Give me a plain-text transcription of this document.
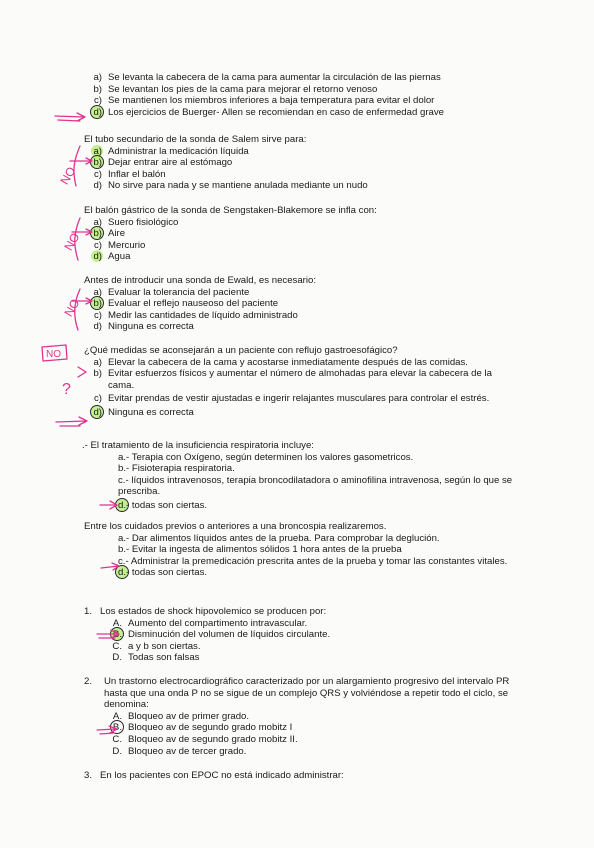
a) Se levanta la cabecera de la cama para aumentar la circulación de las piernas
b) Se levantan los pies de la cama para mejorar el retorno venoso
c) Se mantienen los miembros inferiores a baja temperatura para evitar el dolor
d) Los ejercicios de Buerger- Allen se recomiendan en caso de enfermedad grave

El tubo secundario de la sonda de Salem sirve para:

a) Administrar la medicación líquida
b) Dejar entrar aire al estómago
c) Inflar el balón
d) No sirve para nada y se mantiene anulada mediante un nudo

El balón gástrico de la sonda de Sengstaken-Blakemore se infla con:

a) Suero fisiológico
b) Aire
c) Mercurio
d) Agua

Antes de introducir una sonda de Ewald, es necesario:

a) Evaluar la tolerancia del paciente
b) Evaluar el reflejo nauseoso del paciente
c) Medir las cantidades de líquido administrado
d) Ninguna es correcta

¿Qué medidas se aconsejarán a un paciente con reflujo gastroesofágico?

a) Elevar la cabecera de la cama y acostarse inmediatamente después de las comidas.
b) Evitar esfuerzos físicos y aumentar el número de almohadas para elevar la cabecera de la cama.
c) Evitar prendas de vestir ajustadas e ingerir relajantes musculares para controlar el estrés.
d) Ninguna es correcta

.- El tratamiento de la insuficiencia respiratoria incluye:

a.- Terapia con Oxígeno, según determinen los valores gasometricos.
b.- Fisioterapia respiratoria.
c.- líquidos intravenosos, terapia broncodilatadora o aminofilina intravenosa, según lo que se prescriba.
d.- todas son ciertas.

Entre los cuidados previos o anteriores a una broncospia realizaremos.

a.- Dar alimentos líquidos antes de la prueba. Para comprobar la deglución.
b.- Evitar la ingesta de alimentos sólidos 1 hora antes de la prueba
c.- Administrar la premedicación prescrita antes de la prueba y tomar las constantes vitales.
d.- todas son ciertas.

1. Los estados de shock hipovolemico se producen por:

A. Aumento del compartimento intravascular.
B. Disminución del volumen de líquidos circulante.
C. a y b son ciertas.
D. Todas son falsas
2.	Un trastorno electrocardiográfico caracterizado por un alargamiento progresivo del intervalo PR hasta que una onda P no se sigue de un complejo QRS y volviéndose a repetir todo el ciclo, se denomina:
A. Bloqueo av de primer grado.
B. Bloqueo av de segundo grado mobitz I
C. Bloqueo av de segundo grado mobitz II.
D. Bloqueo av de tercer grado.

3. En los pacientes con EPOC no está indicado administrar:

NO
NO
NO
NO
?
